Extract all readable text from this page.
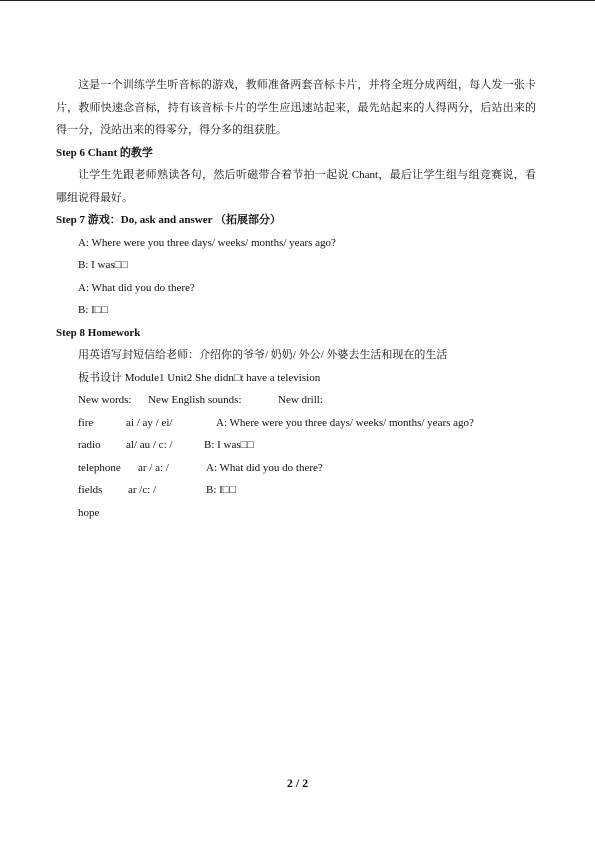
这是一个训练学生听音标的游戏，教师准备两套音标卡片，并将全班分成两组，每人发一张卡片，教师快速念音标，持有该音标卡片的学生应迅速站起来，最先站起来的人得两分，后站出来的得一分，没站出来的得零分，得分多的组获胜。

Step 6 Chant 的教学

让学生先跟老师熟读各句，然后听磁带合着节拍一起说 Chant，最后让学生组与组竞赛说，看哪组说得最好。

Step 7 游戏：Do, ask and answer （拓展部分）

A: Where were you three days/ weeks/ months/ years ago?

B: I was□□

A: What did you do there?

B: I□□

Step 8 Homework

用英语写封短信给老师：介绍你的爷爷/ 奶奶/ 外公/ 外婆去生活和现在的生活

板书设计 Module1 Unit2 She didn□t have a television

New words: New English sounds:	New drill:
fire	ai / ay / ei/	A: Where were you three days/ weeks/ months/ years ago?
radio al/ au / c: /	B: I was□□
telephone ar / a: /	A: What did you do there?
fields ar /c: /	B: I□□
hope
2 / 2
